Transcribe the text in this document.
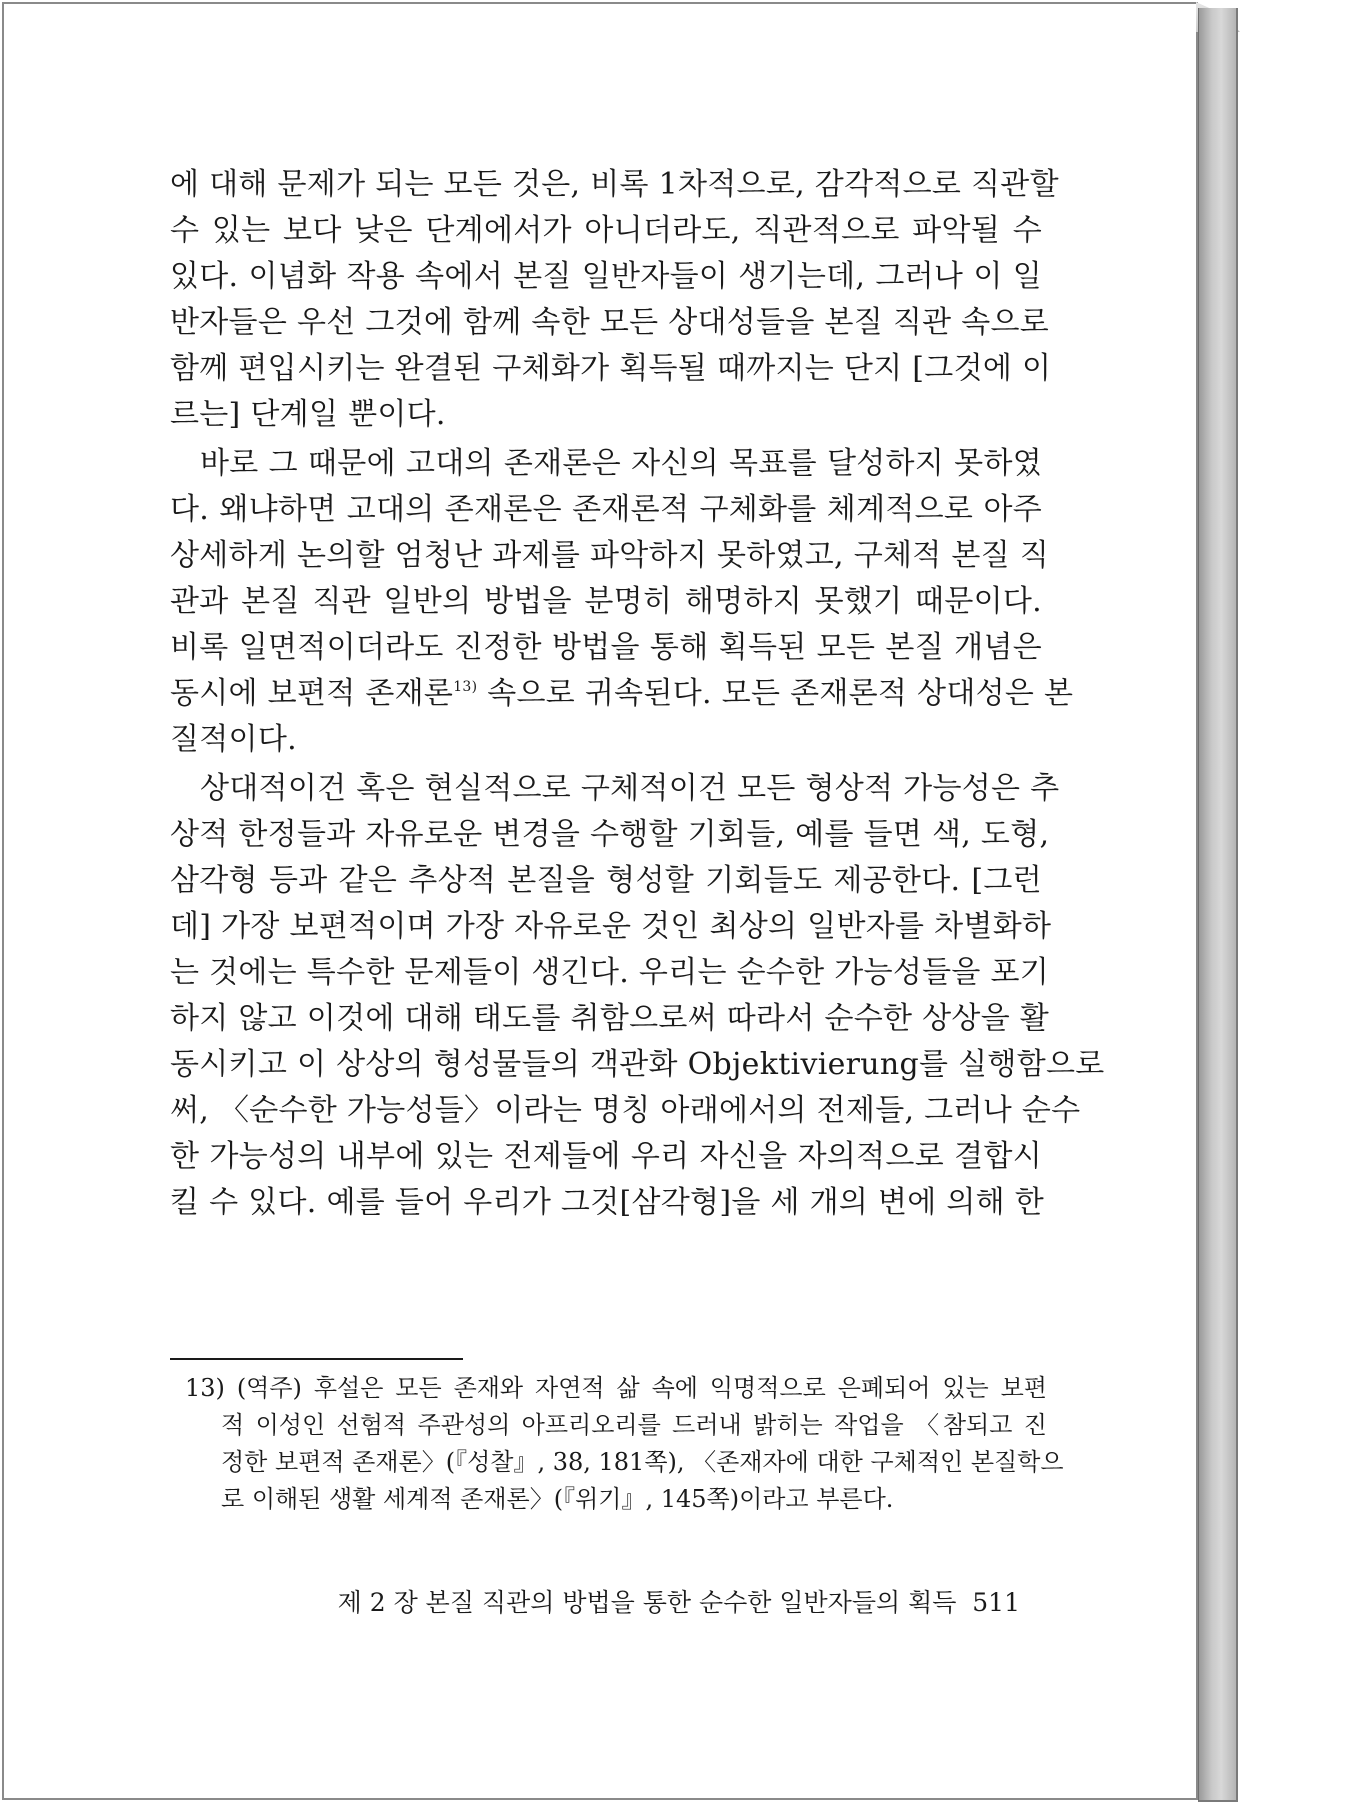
에 대해 문제가 되는 모든 것은, 비록 1차적으로, 감각적으로 직관할
수 있는 보다 낮은 단계에서가 아니더라도, 직관적으로 파악될 수
있다. 이념화 작용 속에서 본질 일반자들이 생기는데, 그러나 이 일
반자들은 우선 그것에 함께 속한 모든 상대성들을 본질 직관 속으로
함께 편입시키는 완결된 구체화가 획득될 때까지는 단지 [그것에 이
르는] 단계일 뿐이다.
바로 그 때문에 고대의 존재론은 자신의 목표를 달성하지 못하였
다. 왜냐하면 고대의 존재론은 존재론적 구체화를 체계적으로 아주
상세하게 논의할 엄청난 과제를 파악하지 못하였고, 구체적 본질 직
관과 본질 직관 일반의 방법을 분명히 해명하지 못했기 때문이다.
비록 일면적이더라도 진정한 방법을 통해 획득된 모든 본질 개념은
동시에 보편적 존재론$^{13)}$ 속으로 귀속된다. 모든 존재론적 상대성은 본
질적이다.
상대적이건 혹은 현실적으로 구체적이건 모든 형상적 가능성은 추
상적 한정들과 자유로운 변경을 수행할 기회들, 예를 들면 색, 도형,
삼각형 등과 같은 추상적 본질을 형성할 기회들도 제공한다. [그런
데] 가장 보편적이며 가장 자유로운 것인 최상의 일반자를 차별화하
는 것에는 특수한 문제들이 생긴다. 우리는 순수한 가능성들을 포기
하지 않고 이것에 대해 태도를 취함으로써 따라서 순수한 상상을 활
동시키고 이 상상의 형성물들의 객관화 Objektivierung를 실행함으로
써, 〈순수한 가능성들〉이라는 명칭 아래에서의 전제들, 그러나 순수
한 가능성의 내부에 있는 전제들에 우리 자신을 자의적으로 결합시
킬 수 있다. 예를 들어 우리가 그것[삼각형]을 세 개의 변에 의해 한
13) (역주) 후설은 모든 존재와 자연적 삶 속에 익명적으로 은폐되어 있는 보편
적 이성인 선험적 주관성의 아프리오리를 드러내 밝히는 작업을 〈참되고 진
정한 보편적 존재론〉(『성찰』, 38, 181쪽), 〈존재자에 대한 구체적인 본질학으
로 이해된 생활 세계적 존재론〉(『위기』, 145쪽)이라고 부른다.
제 2 장 본질 직관의 방법을 통한 순수한 일반자들의 획득 511
